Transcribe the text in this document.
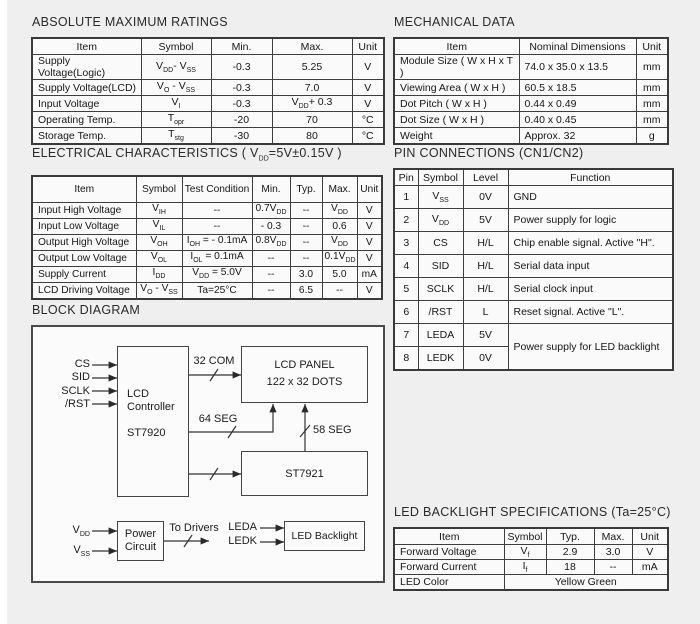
ABSOLUTE MAXIMUM RATINGS
Item	Symbol	Min.	Max.	Unit
Supply Voltage(Logic)	$V_{DD}-$ $V_{SS}$	-0.3	5.25	V
Supply Voltage(LCD)	$V_O - V_{SS}$	-0.3	7.0	V
Input Voltage	$V_I$	-0.3	$V_{DD}+ 0.3$	V
Operating Temp.	$T_{opr}$	-20	70	°C
Storage Temp.	$T_{stg}$	-30	80	°C
MECHANICAL DATA
Item	Nominal Dimensions	Unit
Module Size ( W x H x T )	74.0 x 35.0 x 13.5	mm
Viewing Area ( W x H )	60.5 x 18.5	mm
Dot Pitch ( W x H )	0.44 x 0.49	mm
Dot Size ( W x H )	0.40 x 0.45	mm
Weight	Approx. 32	g
ELECTRICAL CHARACTERISTICS ( $V_{DD}=5V\pm 0.15V$ )
Item	Symbol	Test Condition	Min.	Typ.	Max.	Unit
Input High Voltage	$V_{IH}$	--	$0.7V_{DD}$	--	$V_{DD}$	V
Input Low Voltage	$V_{IL}$	--	- 0.3	--	0.6	V
Output High Voltage	$V_{OH}$	$I_{OH}$ = - 0.1mA	$0.8V_{DD}$	--	$V_{DD}$	V
Output Low Voltage	$V_{OL}$	$I_{OL} = 0.1mA$	--	--	$0.1V_{DD}$	V
Supply Current	$I_{DD}$	$V_{DD} = 5.0V$	--	3.0	5.0	mA
LCD Driving Voltage	$V_O - V_{SS}$	Ta=25°C	--	6.5	--	V
PIN CONNECTIONS (CN1/CN2)
Pin	Symbol	Level	Function
1	$V_{SS}$	0V	GND
2	$V_{DD}$	5V	Power supply for logic
3	CS	H/L	Chip enable signal. Active "H".
4	SID	H/L	Serial data input
5	SCLK	H/L	Serial clock input
6	/RST	L	Reset signal. Active "L".
7	LEDA	5V	Power supply for LED backlight
8	LEDK	0V	
BLOCK DIAGRAM
CS
SID
SCLK
/RST
LCD
Controller
ST7920
LCD PANEL
122 x 32 DOTS
32 COM
64 SEG
58 SEG
ST7921
$V_{DD}$
$V_{SS}$
Power
Circuit
To Drivers LEDA
LEDK	LED Backlight
LED BACKLIGHT SPECIFICATIONS (Ta=25°C)
Item	Symbol	Typ.	Max.	Unit
Forward Voltage	$V_f$	2.9	3.0	V
Forward Current	$I_f$	18	--	mA
LED Color	Yellow Green			
